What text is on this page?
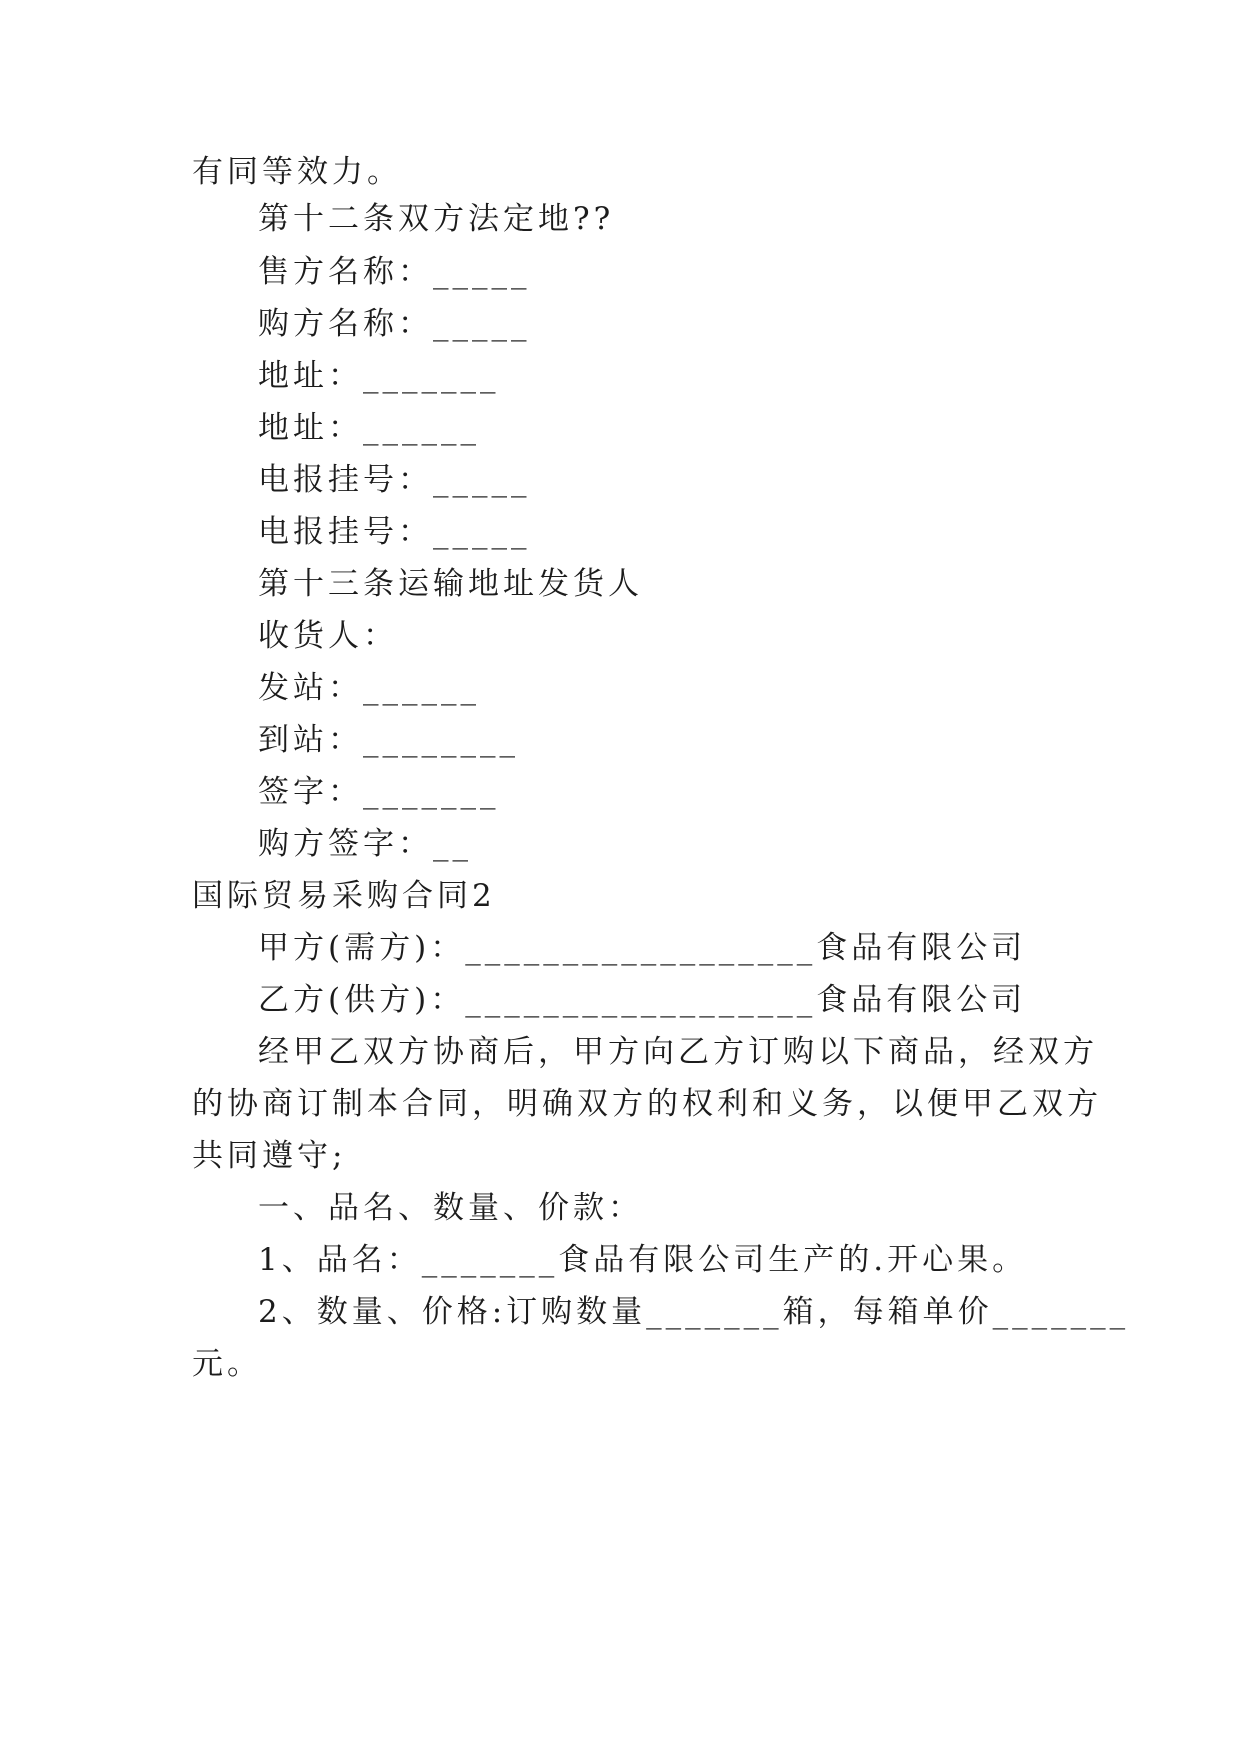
有同等效力。

第十二条双方法定地??

售方名称：_____

购方名称：_____

地址：_______

地址：______

电报挂号：_____

电报挂号：_____

第十三条运输地址发货人

收货人：

发站：______

到站：________

签字：_______

购方签字：__

国际贸易采购合同2

甲方(需方)：__________________食品有限公司

乙方(供方)：__________________食品有限公司

经甲乙双方协商后，甲方向乙方订购以下商品，经双方

的协商订制本合同，明确双方的权利和义务，以便甲乙双方

共同遵守;

一、品名、数量、价款：

1、品名：_______食品有限公司生产的.开心果。

2、数量、价格:订购数量_______箱，每箱单价_______

元。
